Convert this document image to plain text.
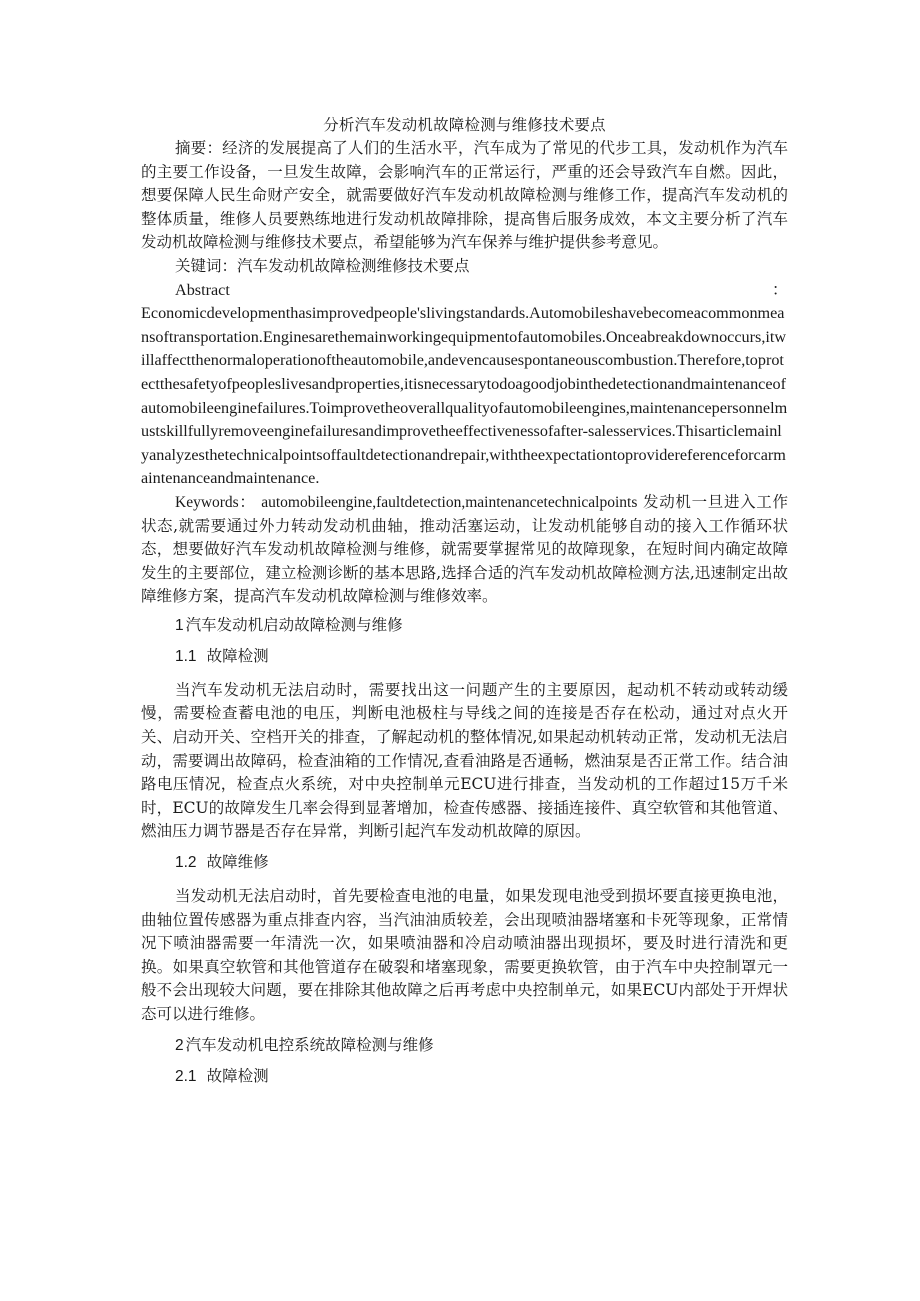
分析汽车发动机故障检测与维修技术要点

摘要：经济的发展提高了人们的生活水平，汽车成为了常见的代步工具，发动机作为汽车的主要工作设备，一旦发生故障，会影响汽车的正常运行，严重的还会导致汽车自燃。因此，想要保障人民生命财产安全，就需要做好汽车发动机故障检测与维修工作，提高汽车发动机的整体质量，维修人员要熟练地进行发动机故障排除，提高售后服务成效，本文主要分析了汽车发动机故障检测与维修技术要点，希望能够为汽车保养与维护提供参考意见。

关键词：汽车发动机故障检测维修技术要点

Abstract	：

Economicdevelopmenthasimprovedpeople'slivingstandards.Automobileshavebecomeacommonmeansoftransportation.Enginesarethemainworkingequipmentofautomobiles.Onceabreakdownoccurs,itwillaffectthenormaloperationoftheautomobile,andevencausespontaneouscombustion.Therefore,toprotectthesafetyofpeopleslivesandproperties,itisnecessarytodoagoodjobinthedetectionandmaintenanceofautomobileenginefailures.Toimprovetheoverallqualityofautomobileengines,maintenancepersonnelmustskillfullyremoveenginefailuresandimprovetheeffectivenessofafter-salesservices.Thisarticlemainlyanalyzesthetechnicalpointsoffaultdetectionandrepair,withtheexpectationtoprovidereferenceforcarmaintenanceandmaintenance.

Keywords： automobileengine,faultdetection,maintenancetechnicalpoints 发动机一旦进入工作状态,就需要通过外力转动发动机曲轴，推动活塞运动，让发动机能够自动的接入工作循环状态，想要做好汽车发动机故障检测与维修，就需要掌握常见的故障现象，在短时间内确定故障发生的主要部位，建立检测诊断的基本思路,选择合适的汽车发动机故障检测方法,迅速制定出故障维修方案，提高汽车发动机故障检测与维修效率。

1 汽车发动机启动故障检测与维修
1.1 故障检测

当汽车发动机无法启动时，需要找出这一问题产生的主要原因，起动机不转动或转动缓慢，需要检查蓄电池的电压，判断电池极柱与导线之间的连接是否存在松动，通过对点火开关、启动开关、空档开关的排查，了解起动机的整体情况,如果起动机转动正常，发动机无法启动，需要调出故障码，检查油箱的工作情况,查看油路是否通畅，燃油泵是否正常工作。结合油路电压情况，检查点火系统，对中央控制单元ECU进行排查，当发动机的工作超过15万千米时，ECU的故障发生几率会得到显著增加，检查传感器、接插连接件、真空软管和其他管道、燃油压力调节器是否存在异常，判断引起汽车发动机故障的原因。

1.2 故障维修

当发动机无法启动时，首先要检查电池的电量，如果发现电池受到损坏要直接更换电池，曲轴位置传感器为重点排查内容，当汽油油质较差，会出现喷油器堵塞和卡死等现象，正常情况下喷油器需要一年清洗一次，如果喷油器和冷启动喷油器出现损坏，要及时进行清洗和更换。如果真空软管和其他管道存在破裂和堵塞现象，需要更换软管，由于汽车中央控制罩元一般不会出现较大问题，要在排除其他故障之后再考虑中央控制单元，如果ECU内部处于开焊状态可以进行维修。

2 汽车发动机电控系统故障检测与维修
2.1 故障检测
